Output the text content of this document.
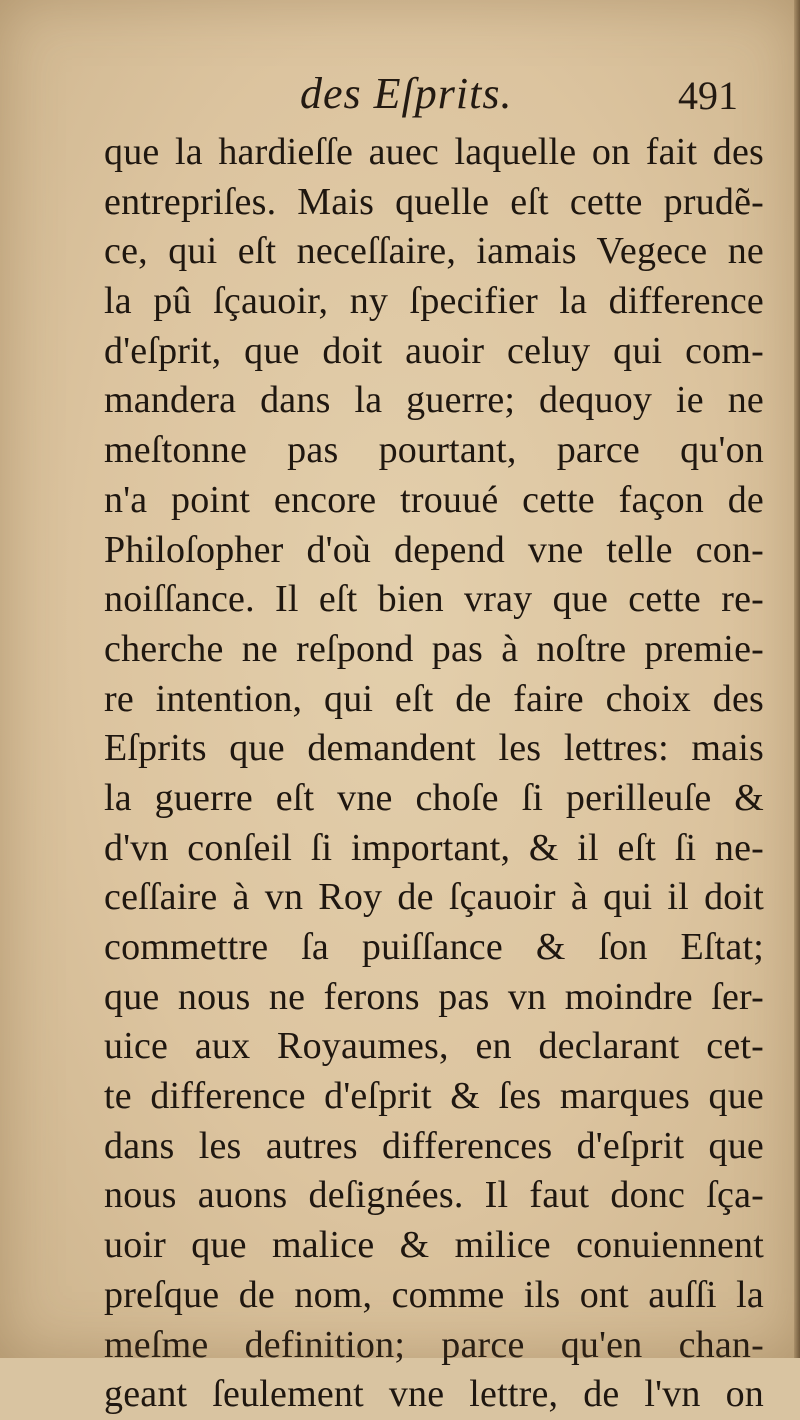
des Eſprits.	491
que la hardieſſe auec laquelle on fait des
entrepriſes. Mais quelle eſt cette prudẽ-
ce, qui eſt neceſſaire, iamais Vegece ne
la pû ſçauoir, ny ſpecifier la difference
d'eſprit, que doit auoir celuy qui com-
mandera dans la guerre; dequoy ie ne
meſtonne pas pourtant, parce qu'on
n'a point encore trouué cette façon de
Philoſopher d'où depend vne telle con-
noiſſance. Il eſt bien vray que cette re-
cherche ne reſpond pas à noſtre premie-
re intention, qui eſt de faire choix des
Eſprits que demandent les lettres: mais
la guerre eſt vne choſe ſi perilleuſe &
d'vn conſeil ſi important, & il eſt ſi ne-
ceſſaire à vn Roy de ſçauoir à qui il doit
commettre ſa puiſſance & ſon Eſtat;
que nous ne ferons pas vn moindre ſer-
uice aux Royaumes, en declarant cet-
te difference d'eſprit & ſes marques que
dans les autres differences d'eſprit que
nous auons deſignées. Il faut donc ſça-
uoir que malice & milice conuiennent
preſque de nom, comme ils ont auſſi la
meſme definition; parce qu'en chan-
geant ſeulement vne lettre, de l'vn on
